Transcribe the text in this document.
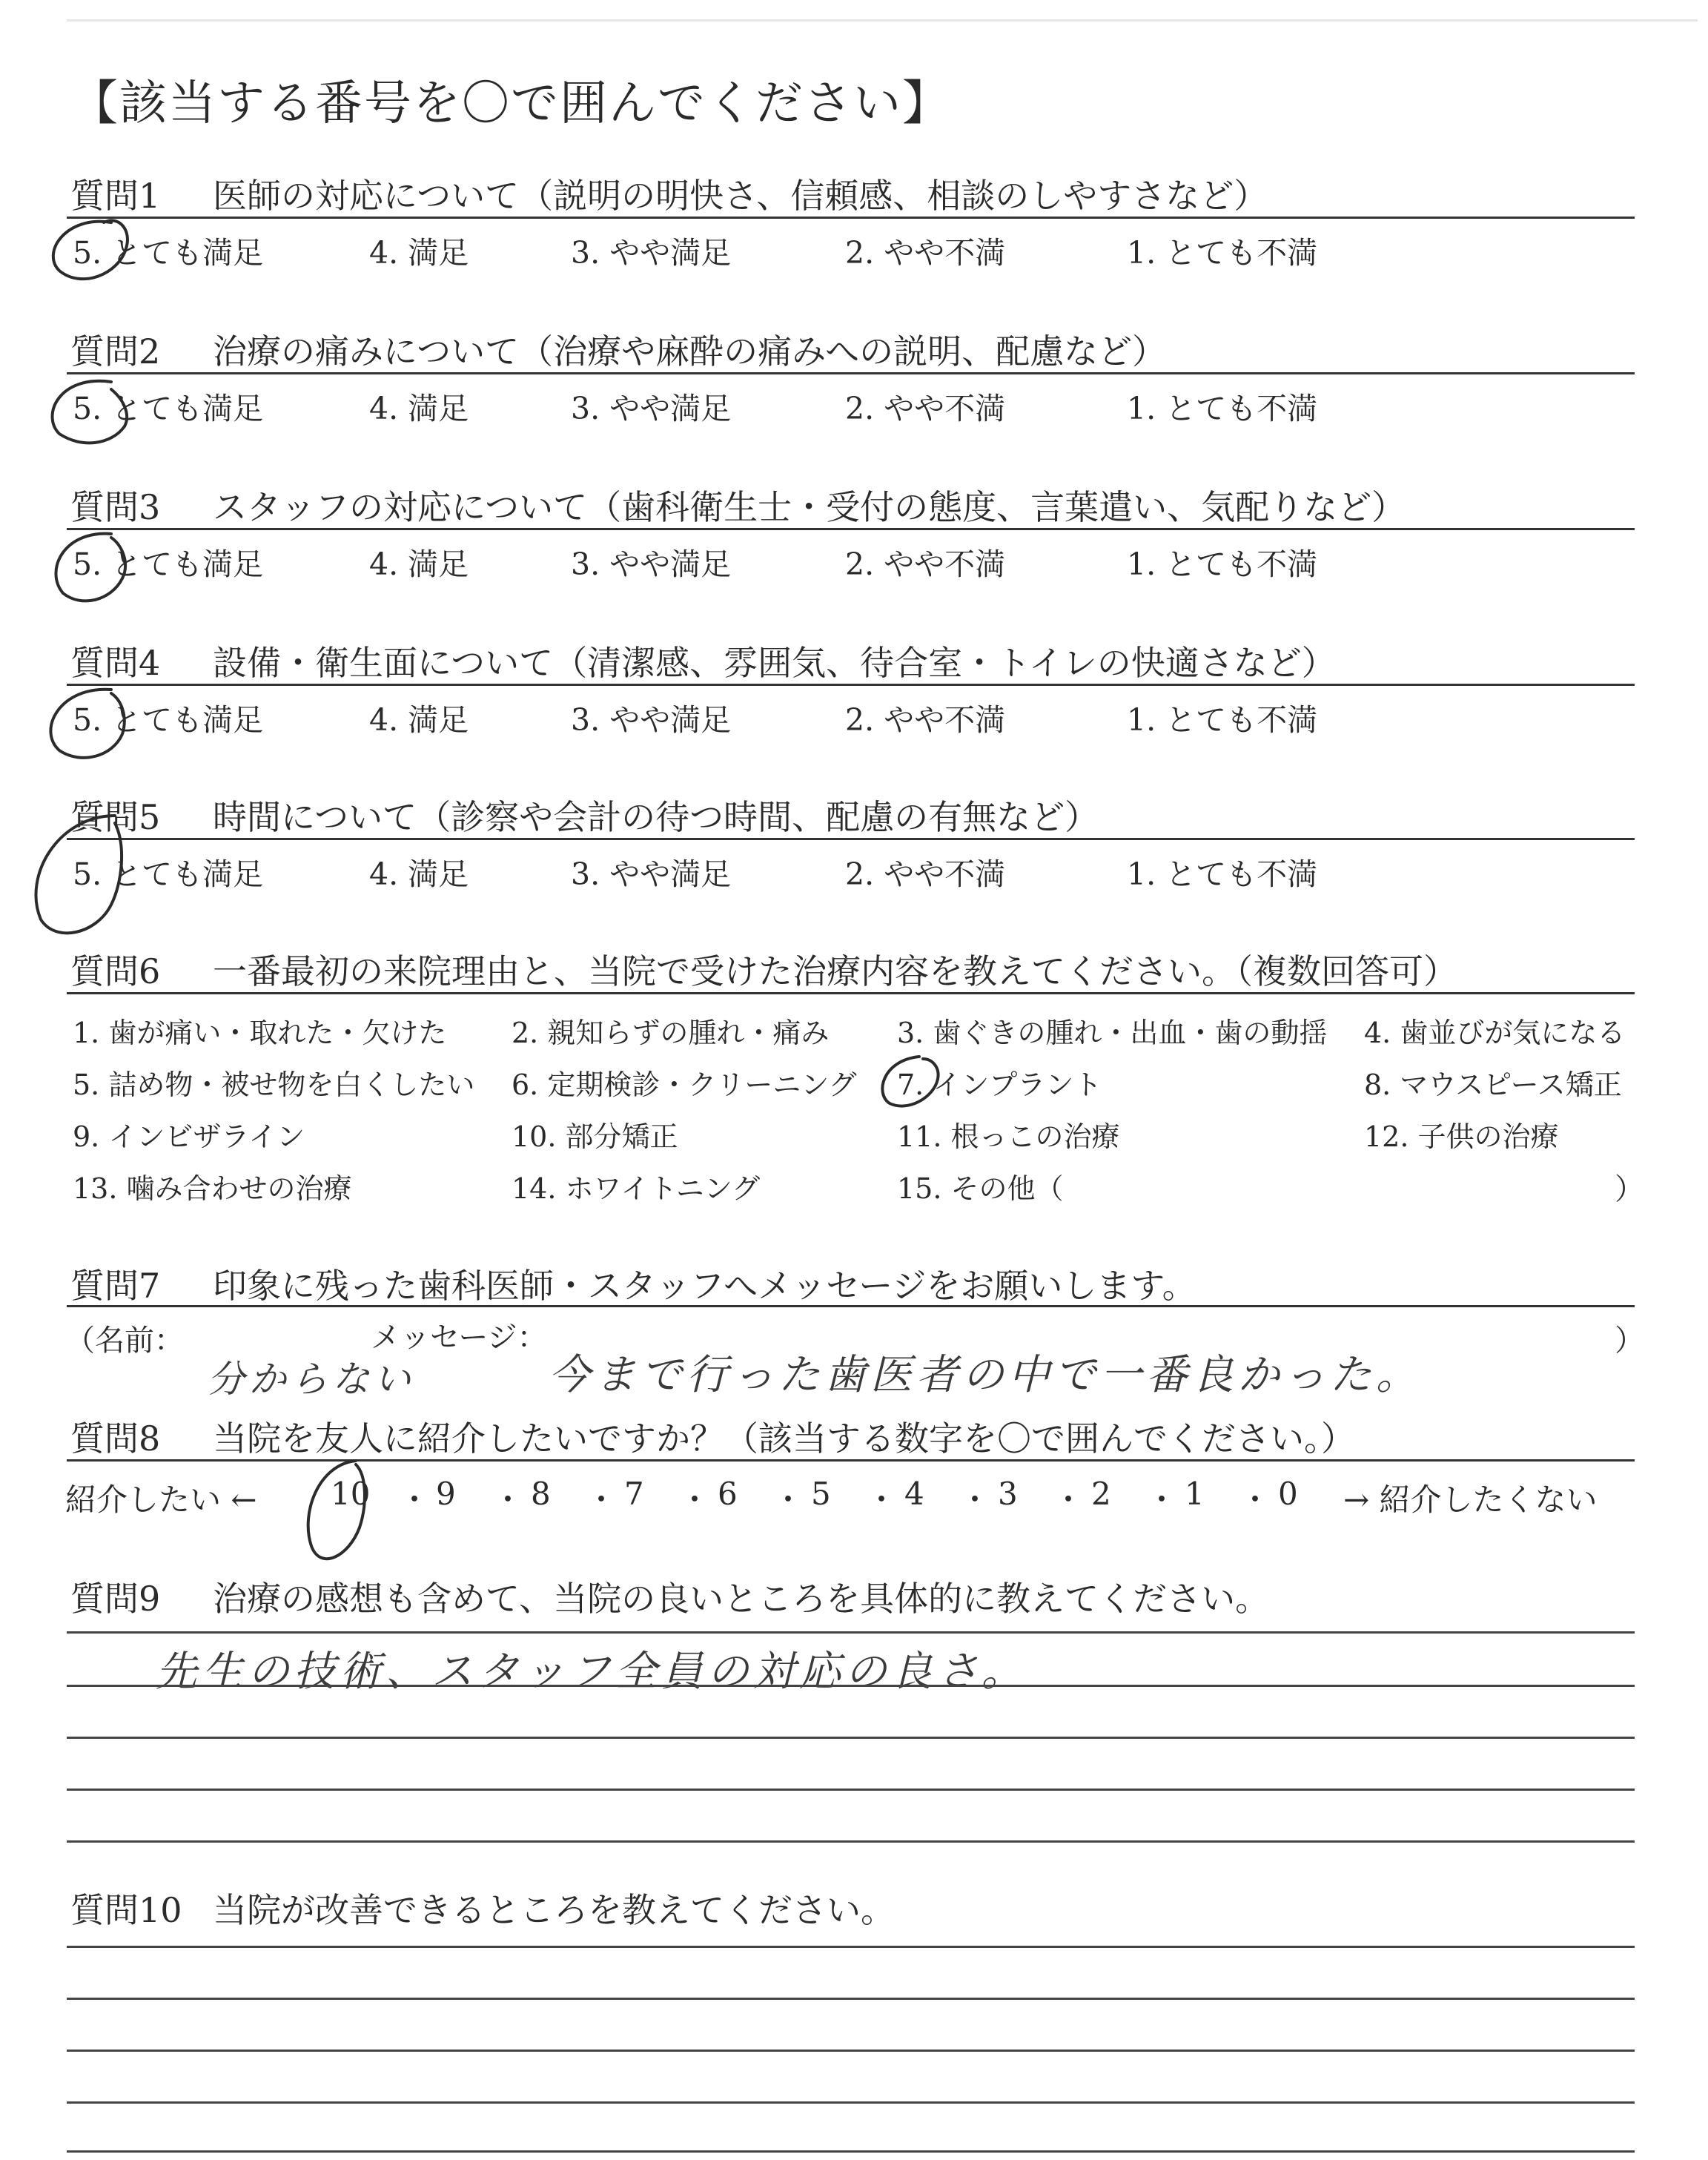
【該当する番号を〇で囲んでください】
質問1 医師の対応について（説明の明快さ、信頼感、相談のしやすさなど）
5. とても満足	4. 満足	3. やや満足	2. やや不満	1. とても不満
質問2 治療の痛みについて（治療や麻酔の痛みへの説明、配慮など）
5. とても満足	4. 満足	3. やや満足	2. やや不満	1. とても不満
質問3 スタッフの対応について（歯科衛生士・受付の態度、言葉遣い、気配りなど）
5. とても満足	4. 満足	3. やや満足	2. やや不満	1. とても不満
質問4 設備・衛生面について（清潔感、雰囲気、待合室・トイレの快適さなど）
5. とても満足	4. 満足	3. やや満足	2. やや不満	1. とても不満
質問5 時間について（診察や会計の待つ時間、配慮の有無など）
5. とても満足	4. 満足	3. やや満足	2. やや不満	1. とても不満
質問6 一番最初の来院理由と、当院で受けた治療内容を教えてください。（複数回答可）
1. 歯が痛い・取れた・欠けた 2. 親知らずの腫れ・痛み 3. 歯ぐきの腫れ・出血・歯の動揺 4. 歯並びが気になる
5. 詰め物・被せ物を白くしたい 6. 定期検診・クリーニング 7. インプラント	8. マウスピース矯正
9. インビザライン	10. 部分矯正	11. 根っこの治療	12. 子供の治療
13. 噛み合わせの治療	14. ホワイトニング	15. その他（	）
質問7 印象に残った歯科医師・スタッフへメッセージをお願いします。
（名前：	メッセージ：	）
分からない	今まで行った歯医者の中で一番良かった。
質問8 当院を友人に紹介したいですか？（該当する数字を〇で囲んでください。）
紹介したい ← 10 ・ 9 ・ 8 ・ 7 ・ 6 ・ 5 ・ 4 ・ 3 ・ 2 ・ 1 ・ 0 → 紹介したくない
質問9 治療の感想も含めて、当院の良いところを具体的に教えてください。
先生の技術、スタッフ全員の対応の良さ。
質問10 当院が改善できるところを教えてください。
